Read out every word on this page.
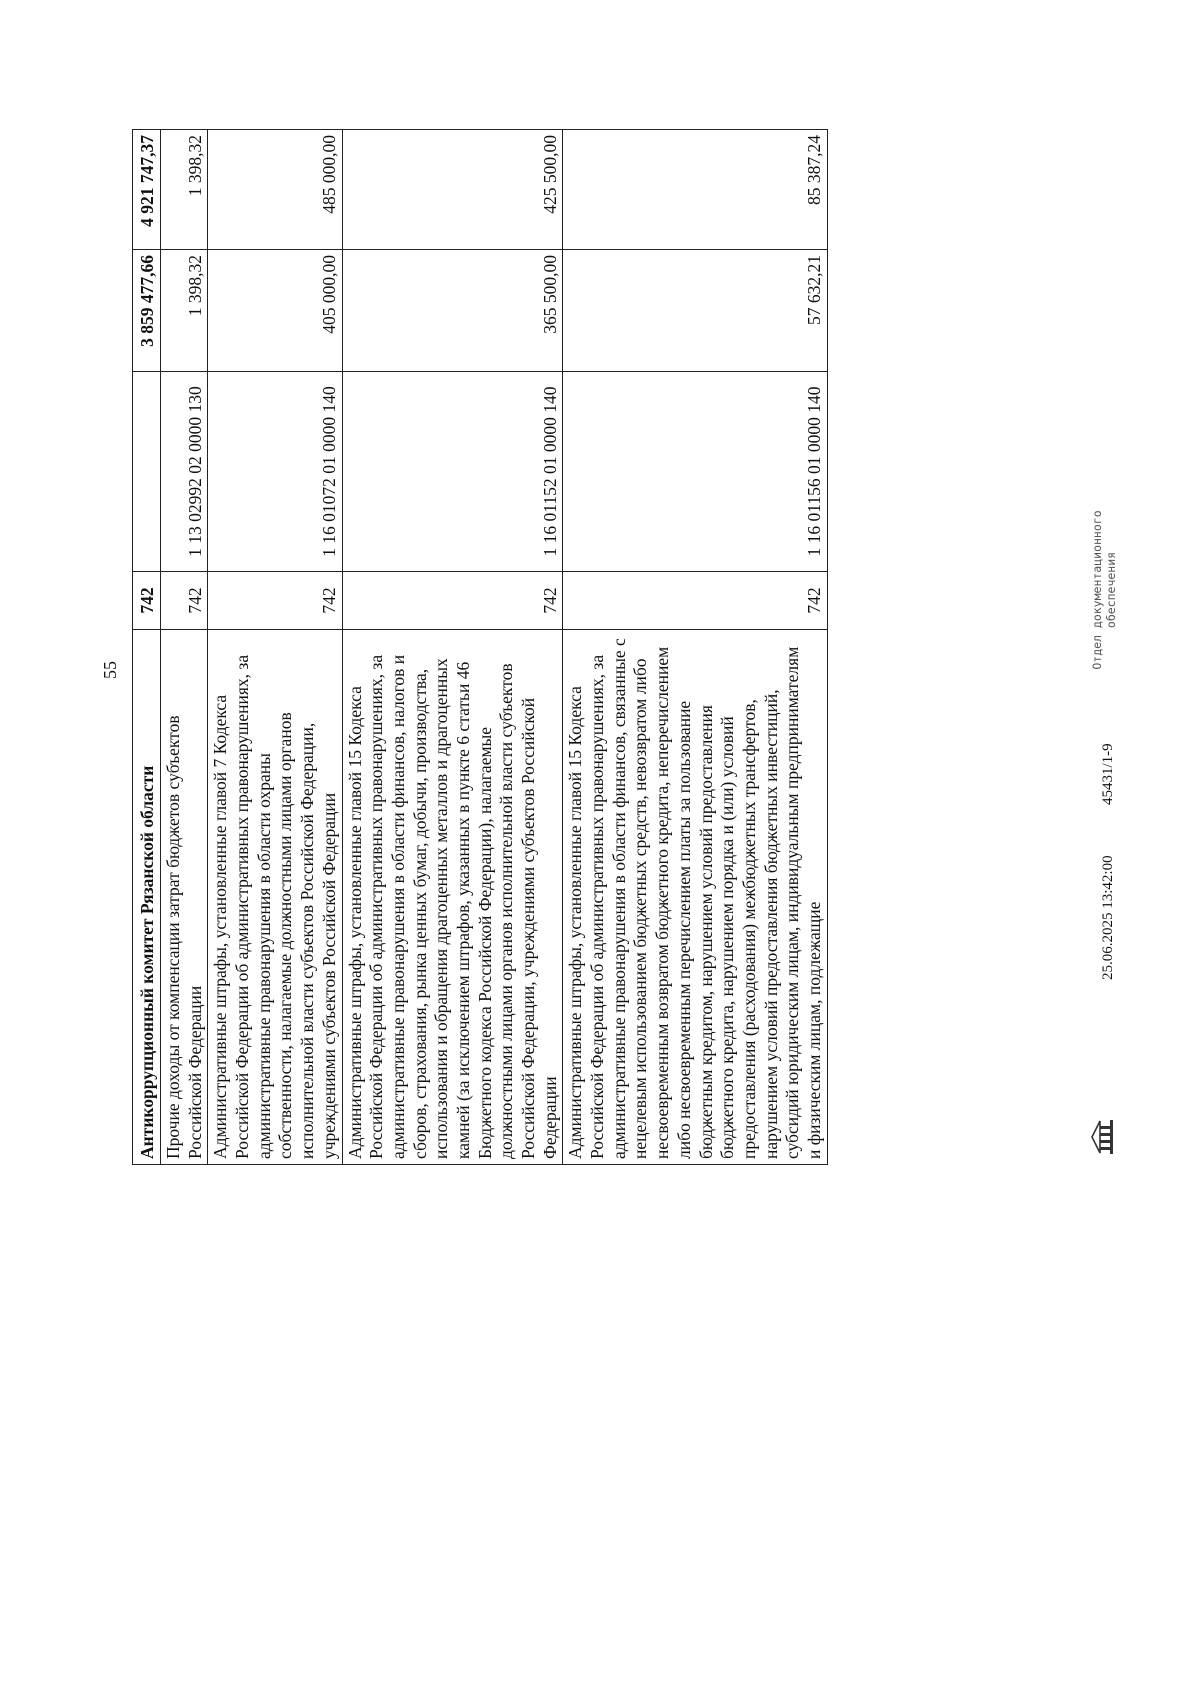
55
Антикоррупционный комитет Рязанской области	742		3 859 477,66	4 921 747,37
Прочие доходы от компенсации затрат бюджетов субъектов Российской Федерации	742	1 13 02992 02 0000 130	1 398,32	1 398,32
Административные штрафы, установленные главой 7 Кодекса Российской Федерации об административных правонарушениях, за административные правонарушения в области охраны собственности, налагаемые должностными лицами органов исполнительной власти субъектов Российской Федерации, учреждениями субъектов Российской Федерации	742	1 16 01072 01 0000 140	405 000,00	485 000,00
Административные штрафы, установленные главой 15 Кодекса Российской Федерации об административных правонарушениях, за административные правонарушения в области финансов, налогов и сборов, страхования, рынка ценных бумаг, добычи, производства, использования и обращения драгоценных металлов и драгоценных камней (за исключением штрафов, указанных в пункте 6 статьи 46 Бюджетного кодекса Российской Федерации), налагаемые должностными лицами органов исполнительной власти субъектов Российской Федерации, учреждениями субъектов Российской Федерации	742	1 16 01152 01 0000 140	365 500,00	425 500,00
Административные штрафы, установленные главой 15 Кодекса Российской Федерации об административных правонарушениях, за административные правонарушения в области финансов, связанные с нецелевым использованием бюджетных средств, невозвратом либо несвоевременным возвратом бюджетного кредита, неперечислением либо несвоевременным перечислением платы за пользование бюджетным кредитом, нарушением условий предоставления бюджетного кредита, нарушением порядка и (или) условий предоставления (расходования) межбюджетных трансфертов, нарушением условий предоставления бюджетных инвестиций, субсидий юридическим лицам, индивидуальным предпринимателям и физическим лицам, подлежащие	742	1 16 01156 01 0000 140	57 632,21	85 387,24
25.06.2025 13:42:00
45431/1-9
Отдел документационного обеспечения
